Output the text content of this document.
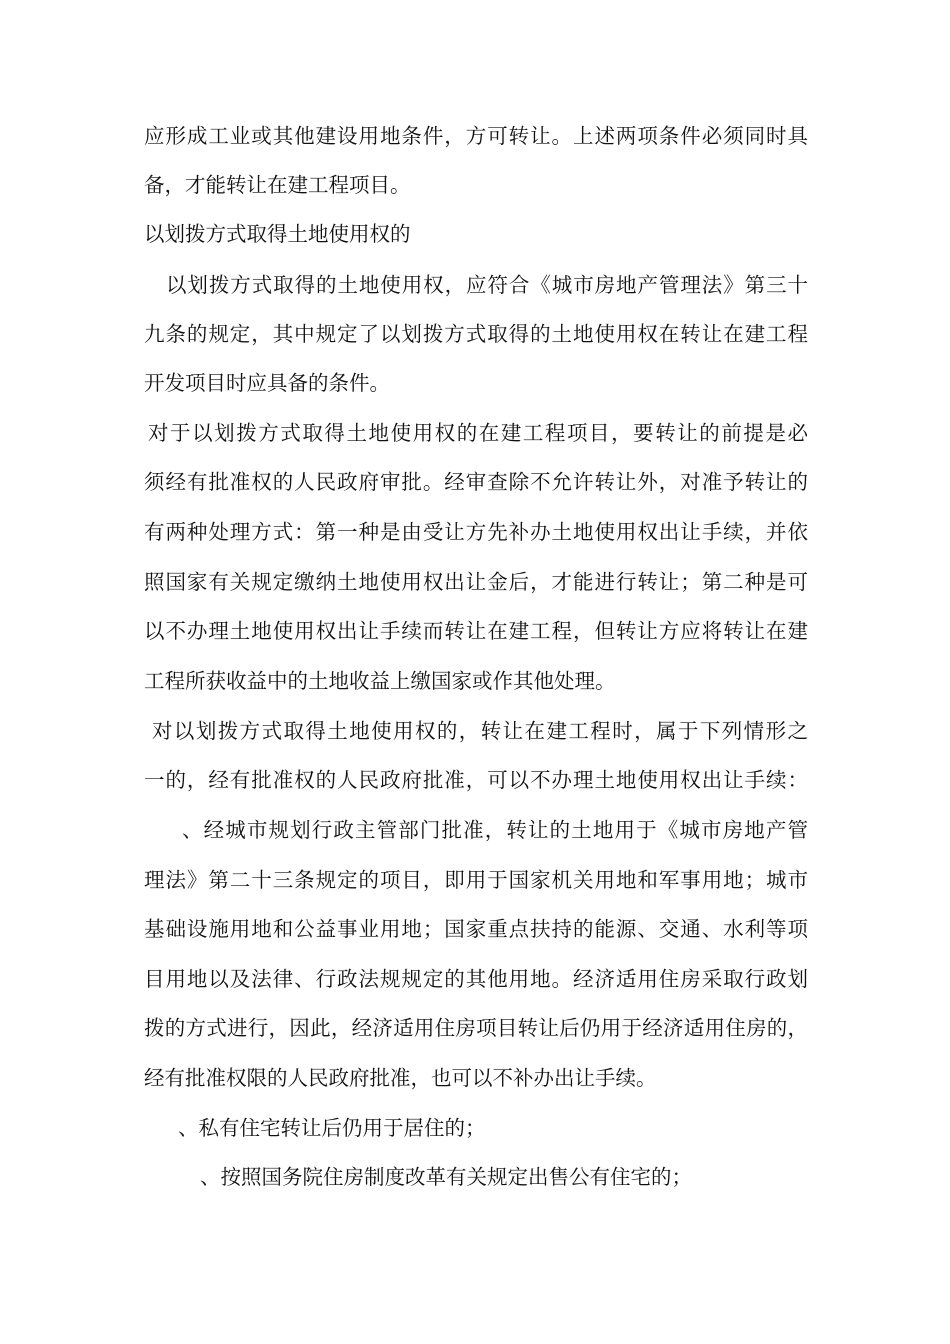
应形成工业或其他建设用地条件，方可转让。上述两项条件必须同时具
备，才能转让在建工程项目。
以划拨方式取得土地使用权的
以划拨方式取得的土地使用权，应符合《城市房地产管理法》第三十
九条的规定，其中规定了以划拨方式取得的土地使用权在转让在建工程
开发项目时应具备的条件。
对于以划拨方式取得土地使用权的在建工程项目，要转让的前提是必
须经有批准权的人民政府审批。经审查除不允许转让外，对准予转让的
有两种处理方式：第一种是由受让方先补办土地使用权出让手续，并依
照国家有关规定缴纳土地使用权出让金后，才能进行转让；第二种是可
以不办理土地使用权出让手续而转让在建工程，但转让方应将转让在建
工程所获收益中的土地收益上缴国家或作其他处理。
对以划拨方式取得土地使用权的，转让在建工程时，属于下列情形之
一的，经有批准权的人民政府批准，可以不办理土地使用权出让手续：
、经城市规划行政主管部门批准，转让的土地用于《城市房地产管
理法》第二十三条规定的项目，即用于国家机关用地和军事用地；城市
基础设施用地和公益事业用地；国家重点扶持的能源、交通、水利等项
目用地以及法律、行政法规规定的其他用地。经济适用住房采取行政划
拨的方式进行，因此，经济适用住房项目转让后仍用于经济适用住房的，
经有批准权限的人民政府批准，也可以不补办出让手续。
、私有住宅转让后仍用于居住的；
、按照国务院住房制度改革有关规定出售公有住宅的；
